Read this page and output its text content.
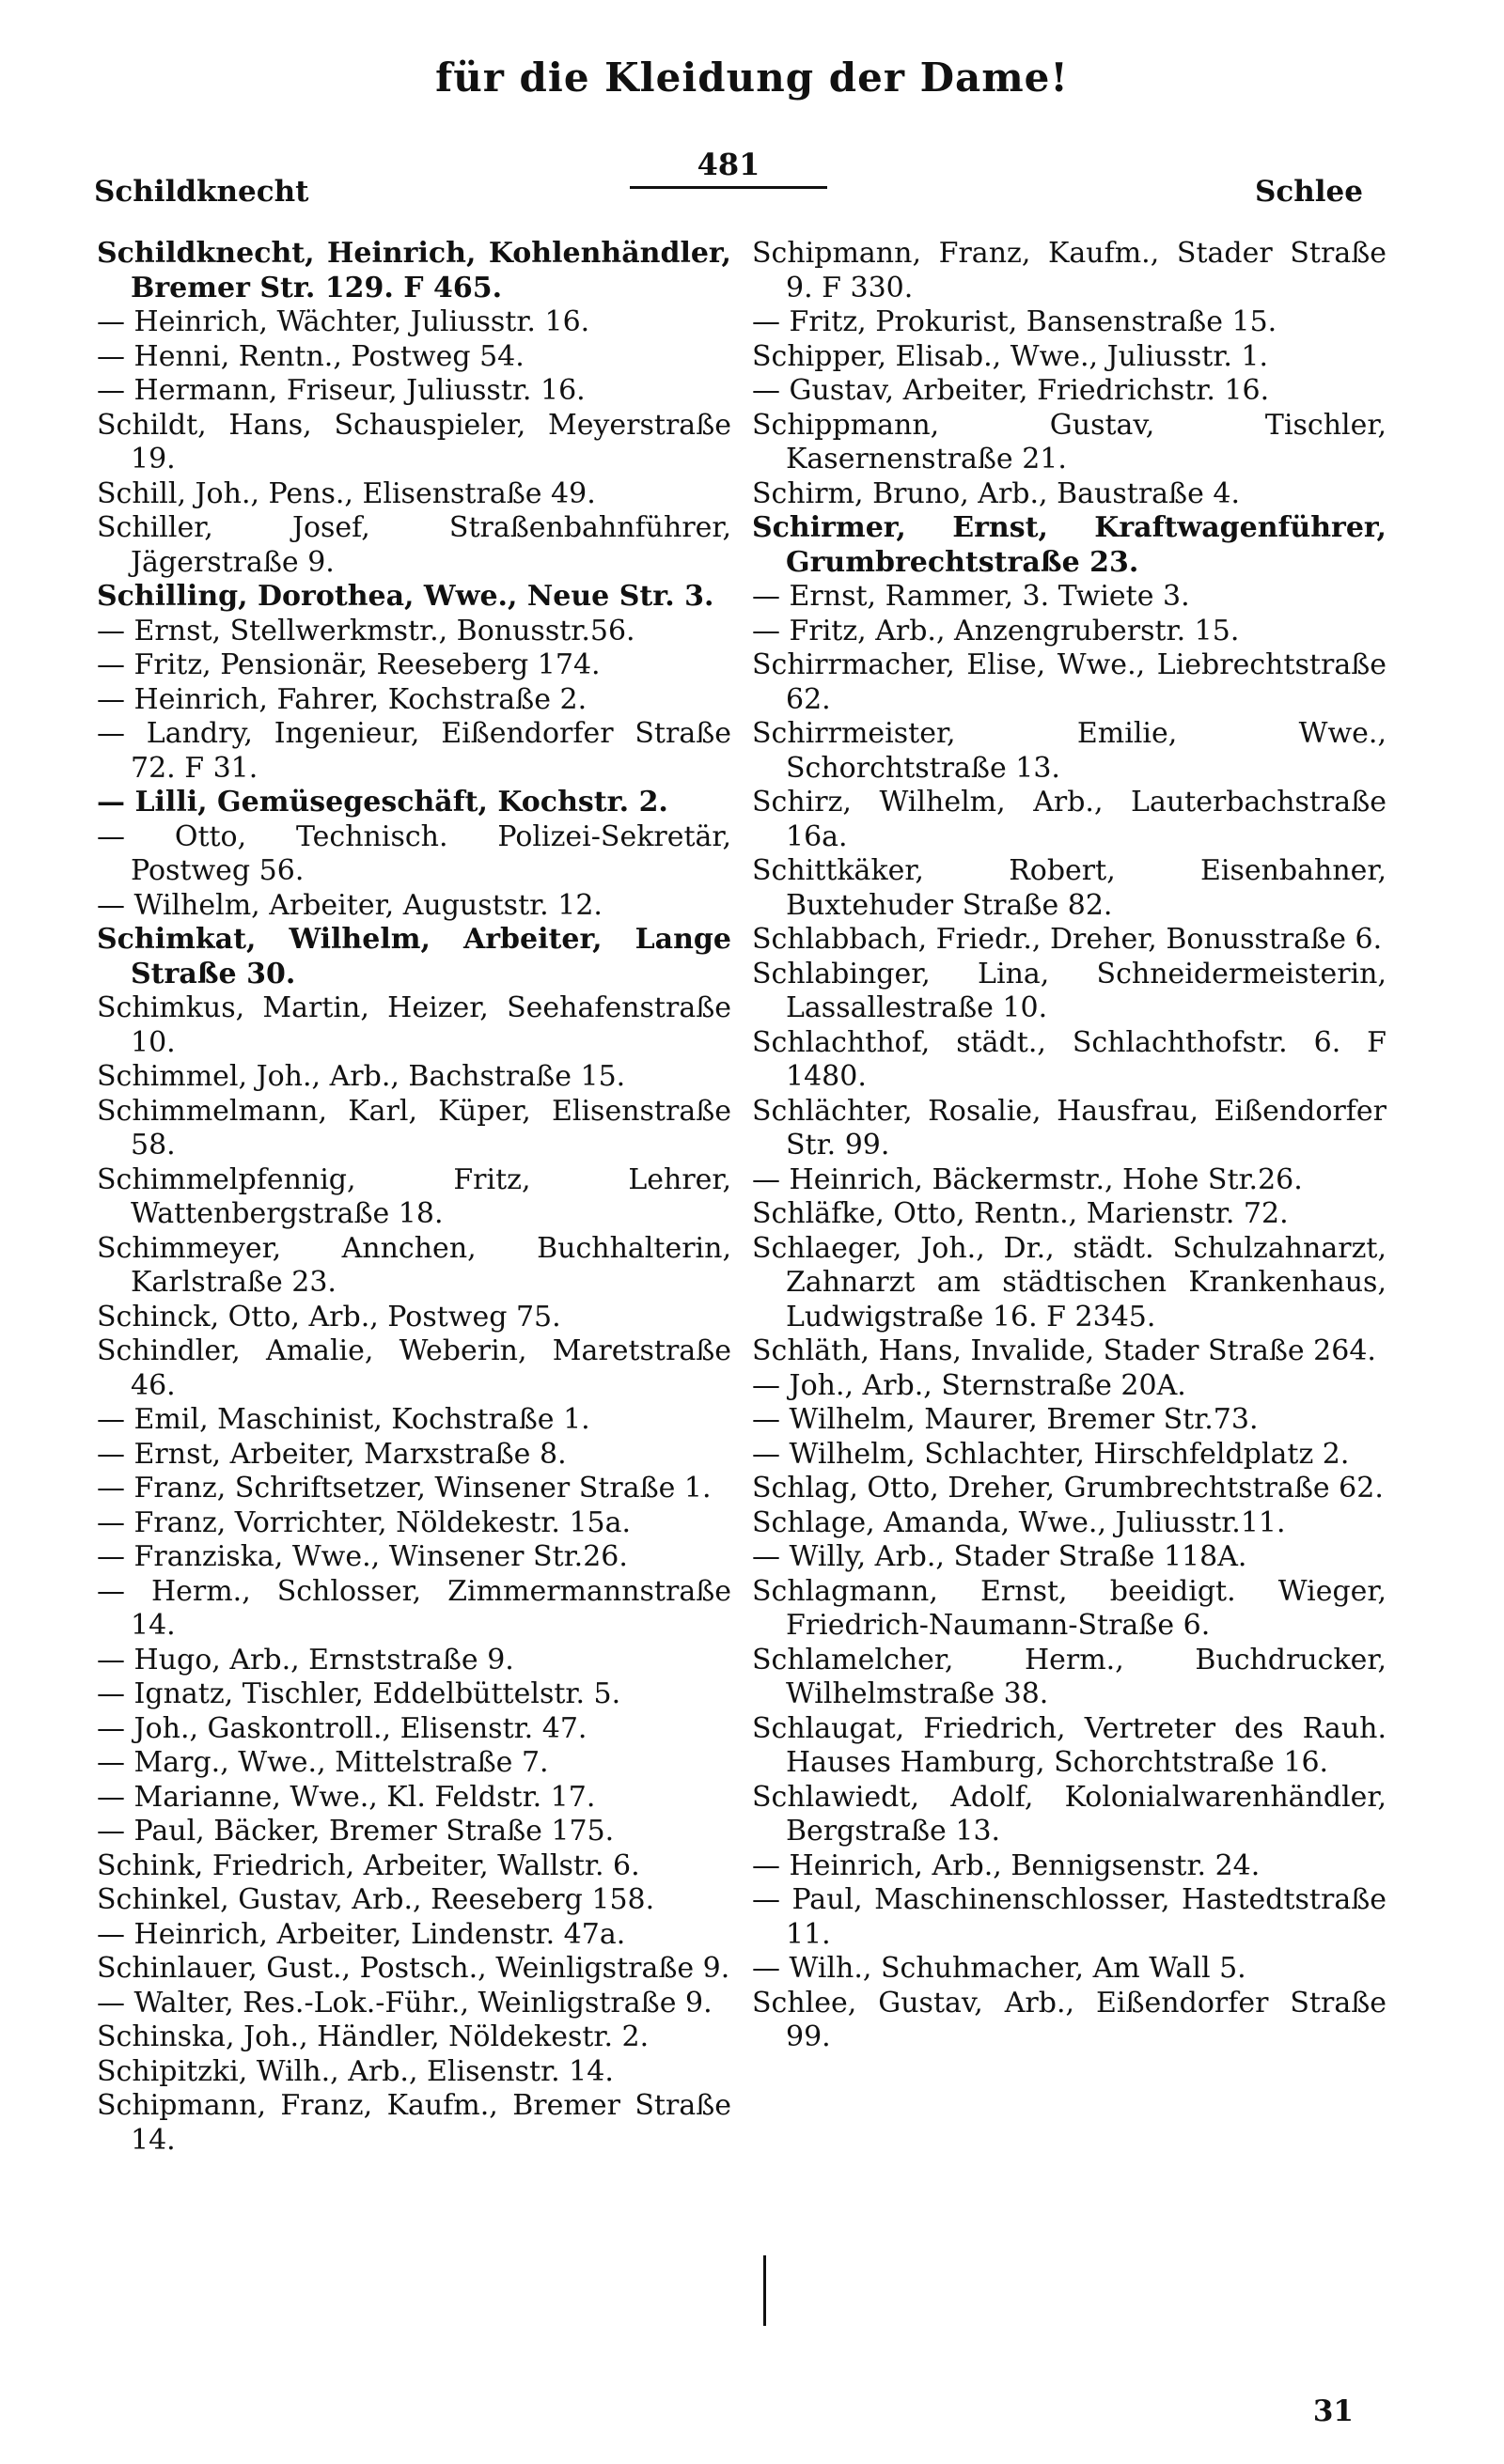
für die Kleidung der Dame!
Schildknecht
481
Schlee
Schildknecht, Heinrich, Kohlenhändler, Bremer Str. 129. F 465.
— Heinrich, Wächter, Juliusstr. 16.
— Henni, Rentn., Postweg 54.
— Hermann, Friseur, Juliusstr. 16.
Schildt, Hans, Schauspieler, Meyerstraße 19.
Schill, Joh., Pens., Elisenstraße 49.
Schiller, Josef, Straßenbahnführer, Jägerstraße 9.
Schilling, Dorothea, Wwe., Neue Str. 3.
— Ernst, Stellwerkmstr., Bonusstr.56.
— Fritz, Pensionär, Reeseberg 174.
— Heinrich, Fahrer, Kochstraße 2.
— Landry, Ingenieur, Eißendorfer Straße 72. F 31.
— Lilli, Gemüsegeschäft, Kochstr. 2.
— Otto, Technisch. Polizei-Sekretär, Postweg 56.
— Wilhelm, Arbeiter, Auguststr. 12.
Schimkat, Wilhelm, Arbeiter, Lange Straße 30.
Schimkus, Martin, Heizer, Seehafenstraße 10.
Schimmel, Joh., Arb., Bachstraße 15.
Schimmelmann, Karl, Küper, Elisenstraße 58.
Schimmelpfennig, Fritz, Lehrer, Wattenbergstraße 18.
Schimmeyer, Annchen, Buchhalterin, Karlstraße 23.
Schinck, Otto, Arb., Postweg 75.
Schindler, Amalie, Weberin, Maretstraße 46.
— Emil, Maschinist, Kochstraße 1.
— Ernst, Arbeiter, Marxstraße 8.
— Franz, Schriftsetzer, Winsener Straße 1.
— Franz, Vorrichter, Nöldekestr. 15a.
— Franziska, Wwe., Winsener Str.26.
— Herm., Schlosser, Zimmermannstraße 14.
— Hugo, Arb., Ernststraße 9.
— Ignatz, Tischler, Eddelbüttelstr. 5.
— Joh., Gaskontroll., Elisenstr. 47.
— Marg., Wwe., Mittelstraße 7.
— Marianne, Wwe., Kl. Feldstr. 17.
— Paul, Bäcker, Bremer Straße 175.
Schink, Friedrich, Arbeiter, Wallstr. 6.
Schinkel, Gustav, Arb., Reeseberg 158.
— Heinrich, Arbeiter, Lindenstr. 47a.
Schinlauer, Gust., Postsch., Weinligstraße 9.
— Walter, Res.-Lok.-Führ., Weinligstraße 9.
Schinska, Joh., Händler, Nöldekestr. 2.
Schipitzki, Wilh., Arb., Elisenstr. 14.
Schipmann, Franz, Kaufm., Bremer Straße 14.
Schipmann, Franz, Kaufm., Stader Straße 9. F 330.
— Fritz, Prokurist, Bansenstraße 15.
Schipper, Elisab., Wwe., Juliusstr. 1.
— Gustav, Arbeiter, Friedrichstr. 16.
Schippmann, Gustav, Tischler, Kasernenstraße 21.
Schirm, Bruno, Arb., Baustraße 4.
Schirmer, Ernst, Kraftwagenführer, Grumbrechtstraße 23.
— Ernst, Rammer, 3. Twiete 3.
— Fritz, Arb., Anzengruberstr. 15.
Schirrmacher, Elise, Wwe., Liebrechtstraße 62.
Schirrmeister, Emilie, Wwe., Schorchtstraße 13.
Schirz, Wilhelm, Arb., Lauterbachstraße 16a.
Schittkäker, Robert, Eisenbahner, Buxtehuder Straße 82.
Schlabbach, Friedr., Dreher, Bonusstraße 6.
Schlabinger, Lina, Schneidermeisterin, Lassallestraße 10.
Schlachthof, städt., Schlachthofstr. 6. F 1480.
Schlächter, Rosalie, Hausfrau, Eißendorfer Str. 99.
— Heinrich, Bäckermstr., Hohe Str.26.
Schläfke, Otto, Rentn., Marienstr. 72.
Schlaeger, Joh., Dr., städt. Schulzahnarzt, Zahnarzt am städtischen Krankenhaus, Ludwigstraße 16. F 2345.
Schläth, Hans, Invalide, Stader Straße 264.
— Joh., Arb., Sternstraße 20A.
— Wilhelm, Maurer, Bremer Str.73.
— Wilhelm, Schlachter, Hirschfeldplatz 2.
Schlag, Otto, Dreher, Grumbrechtstraße 62.
Schlage, Amanda, Wwe., Juliusstr.11.
— Willy, Arb., Stader Straße 118A.
Schlagmann, Ernst, beeidigt. Wieger, Friedrich-Naumann-Straße 6.
Schlamelcher, Herm., Buchdrucker, Wilhelmstraße 38.
Schlaugat, Friedrich, Vertreter des Rauh. Hauses Hamburg, Schorchtstraße 16.
Schlawiedt, Adolf, Kolonialwarenhändler, Bergstraße 13.
— Heinrich, Arb., Bennigsenstr. 24.
— Paul, Maschinenschlosser, Hastedtstraße 11.
— Wilh., Schuhmacher, Am Wall 5.
Schlee, Gustav, Arb., Eißendorfer Straße 99.
31
